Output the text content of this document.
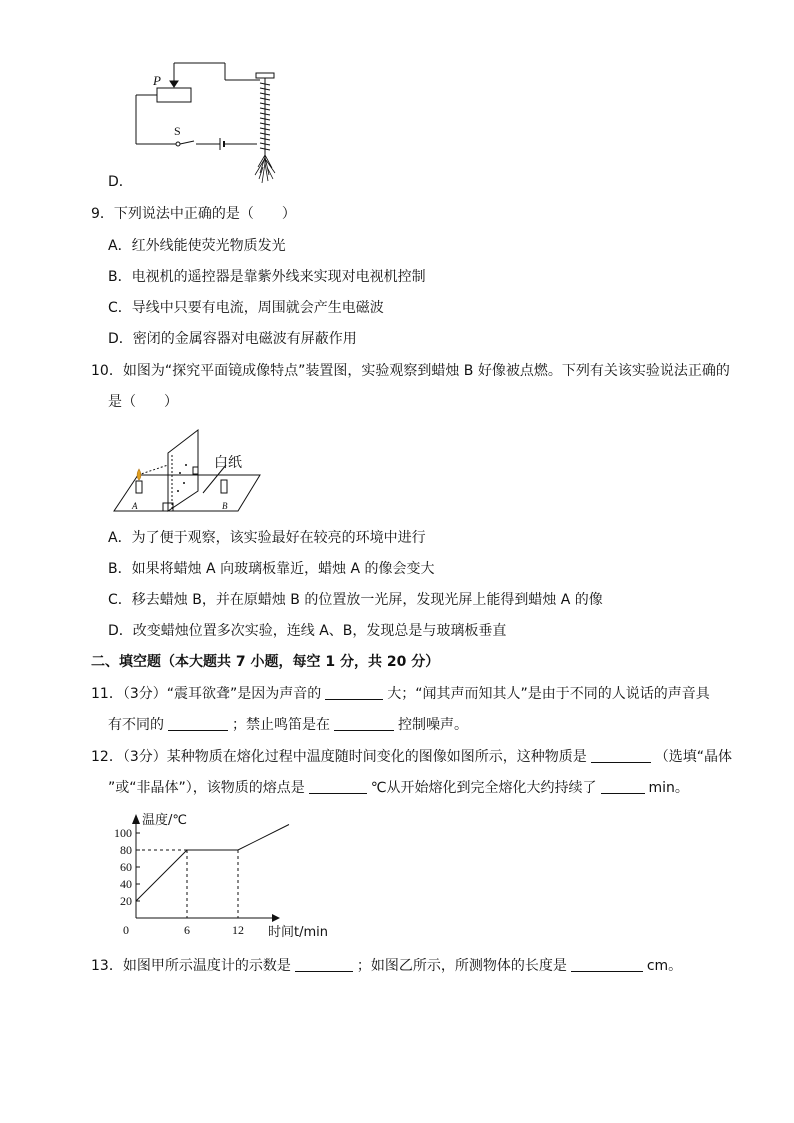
P
S
D．
9．下列说法中正确的是（　　）
A．红外线能使荧光物质发光
B．电视机的遥控器是靠紫外线来实现对电视机控制
C．导线中只要有电流，周围就会产生电磁波
D．密闭的金属容器对电磁波有屏蔽作用
10．如图为“探究平面镜成像特点”装置图，实验观察到蜡烛 B 好像被点燃。下列有关该实验说法正确的
是（　　）
白纸
A	B
A．为了便于观察，该实验最好在较亮的环境中进行
B．如果将蜡烛 A 向玻璃板靠近，蜡烛 A 的像会变大
C．移去蜡烛 B，并在原蜡烛 B 的位置放一光屏，发现光屏上能得到蜡烛 A 的像
D．改变蜡烛位置多次实验，连线 A、B，发现总是与玻璃板垂直
二、填空题（本大题共 7 小题，每空 1 分，共 20 分）
11．（3分）“震耳欲聋”是因为声音的	大；“闻其声而知其人”是由于不同的人说话的声音具
有不同的	；禁止鸣笛是在	控制噪声。
12．（3分）某种物质在熔化过程中温度随时间变化的图像如图所示，这种物质是	（选填“晶体
”或“非晶体”），该物质的熔点是	℃从开始熔化到完全熔化大约持续了	min。
100
80
60
40
20
0	6	12
温度/℃
时间t/min
13．如图甲所示温度计的示数是	；如图乙所示，所测物体的长度是	cm。
